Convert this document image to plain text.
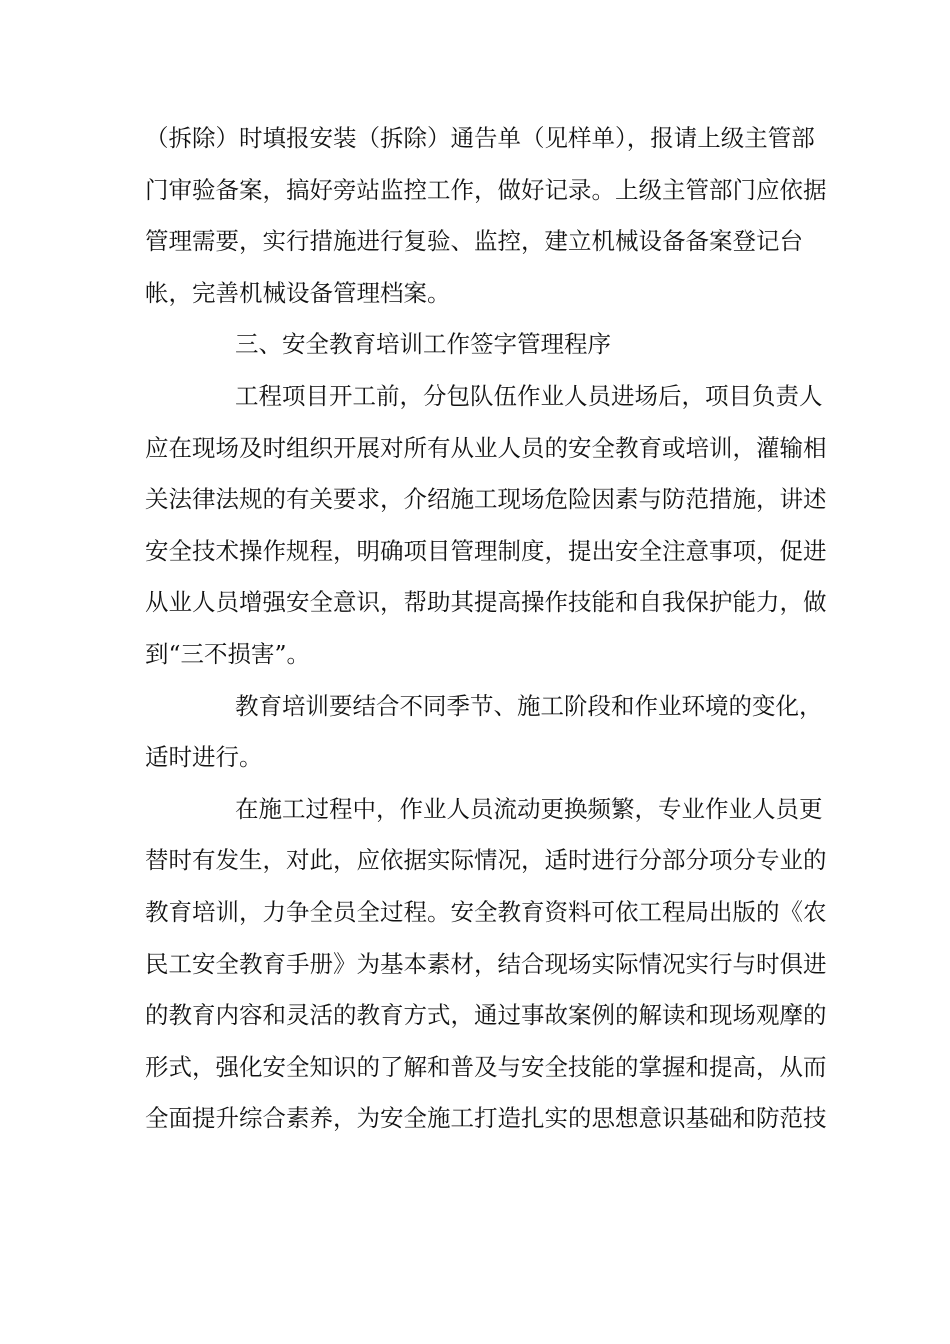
（拆除）时填报安装（拆除）通告单（见样单），报请上级主管部
门审验备案，搞好旁站监控工作，做好记录。上级主管部门应依据
管理需要，实行措施进行复验、监控，建立机械设备备案登记台
帐，完善机械设备管理档案。
三、安全教育培训工作签字管理程序
工程项目开工前，分包队伍作业人员进场后，项目负责人
应在现场及时组织开展对所有从业人员的安全教育或培训，灌输相
关法律法规的有关要求，介绍施工现场危险因素与防范措施，讲述
安全技术操作规程，明确项目管理制度，提出安全注意事项，促进
从业人员增强安全意识，帮助其提高操作技能和自我保护能力，做
到“三不损害”。
教育培训要结合不同季节、施工阶段和作业环境的变化，
适时进行。
在施工过程中，作业人员流动更换频繁，专业作业人员更
替时有发生，对此，应依据实际情况，适时进行分部分项分专业的
教育培训，力争全员全过程。安全教育资料可依工程局出版的《农
民工安全教育手册》为基本素材，结合现场实际情况实行与时俱进
的教育内容和灵活的教育方式，通过事故案例的解读和现场观摩的
形式，强化安全知识的了解和普及与安全技能的掌握和提高，从而
全面提升综合素养，为安全施工打造扎实的思想意识基础和防范技
